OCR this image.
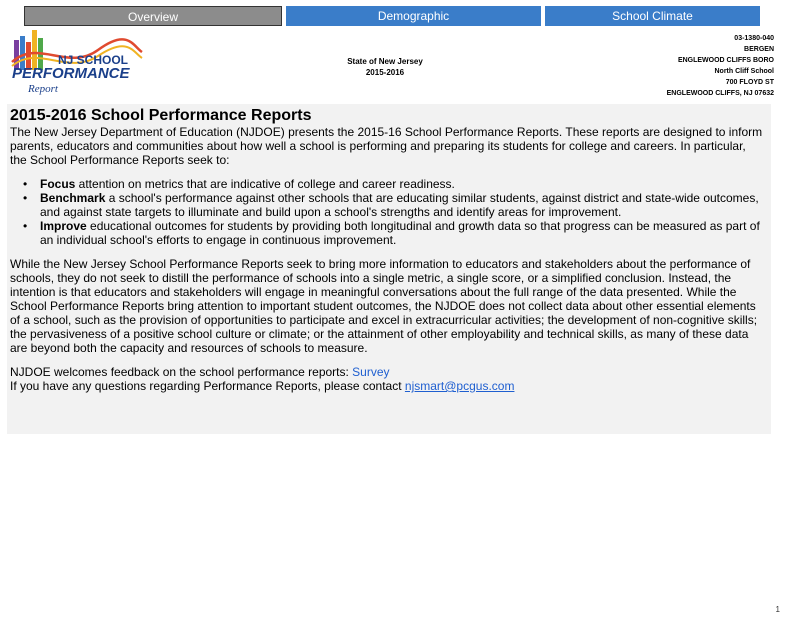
Overview	Demographic	School Climate
NJ SCHOOL
PERFORMANCE
Report
State of New Jersey
2015-2016
03-1380-040
BERGEN
ENGLEWOOD CLIFFS BORO
North Cliff School
700 FLOYD ST
ENGLEWOOD CLIFFS, NJ 07632
2015-2016 School Performance Reports

The New Jersey Department of Education (NJDOE) presents the 2015-16 School Performance Reports. These reports are designed to inform parents, educators and communities about how well a school is performing and preparing its students for college and careers. In particular, the School Performance Reports seek to:

• Focus attention on metrics that are indicative of college and career readiness.
• Benchmark a school's performance against other schools that are educating similar students, against district and state-wide outcomes, and against state targets to illuminate and build upon a school's strengths and identify areas for improvement.
• Improve educational outcomes for students by providing both longitudinal and growth data so that progress can be measured as part of an individual school's efforts to engage in continuous improvement.

While the New Jersey School Performance Reports seek to bring more information to educators and stakeholders about the performance of schools, they do not seek to distill the performance of schools into a single metric, a single score, or a simplified conclusion. Instead, the intention is that educators and stakeholders will engage in meaningful conversations about the full range of the data presented. While the School Performance Reports bring attention to important student outcomes, the NJDOE does not collect data about other essential elements of a school, such as the provision of opportunities to participate and excel in extracurricular activities; the development of non-cognitive skills; the pervasiveness of a positive school culture or climate; or the attainment of other employability and technical skills, as many of these data are beyond both the capacity and resources of schools to measure.

NJDOE welcomes feedback on the school performance reports: Survey

If you have any questions regarding Performance Reports, please contact njsmart@pcgus.com

1
